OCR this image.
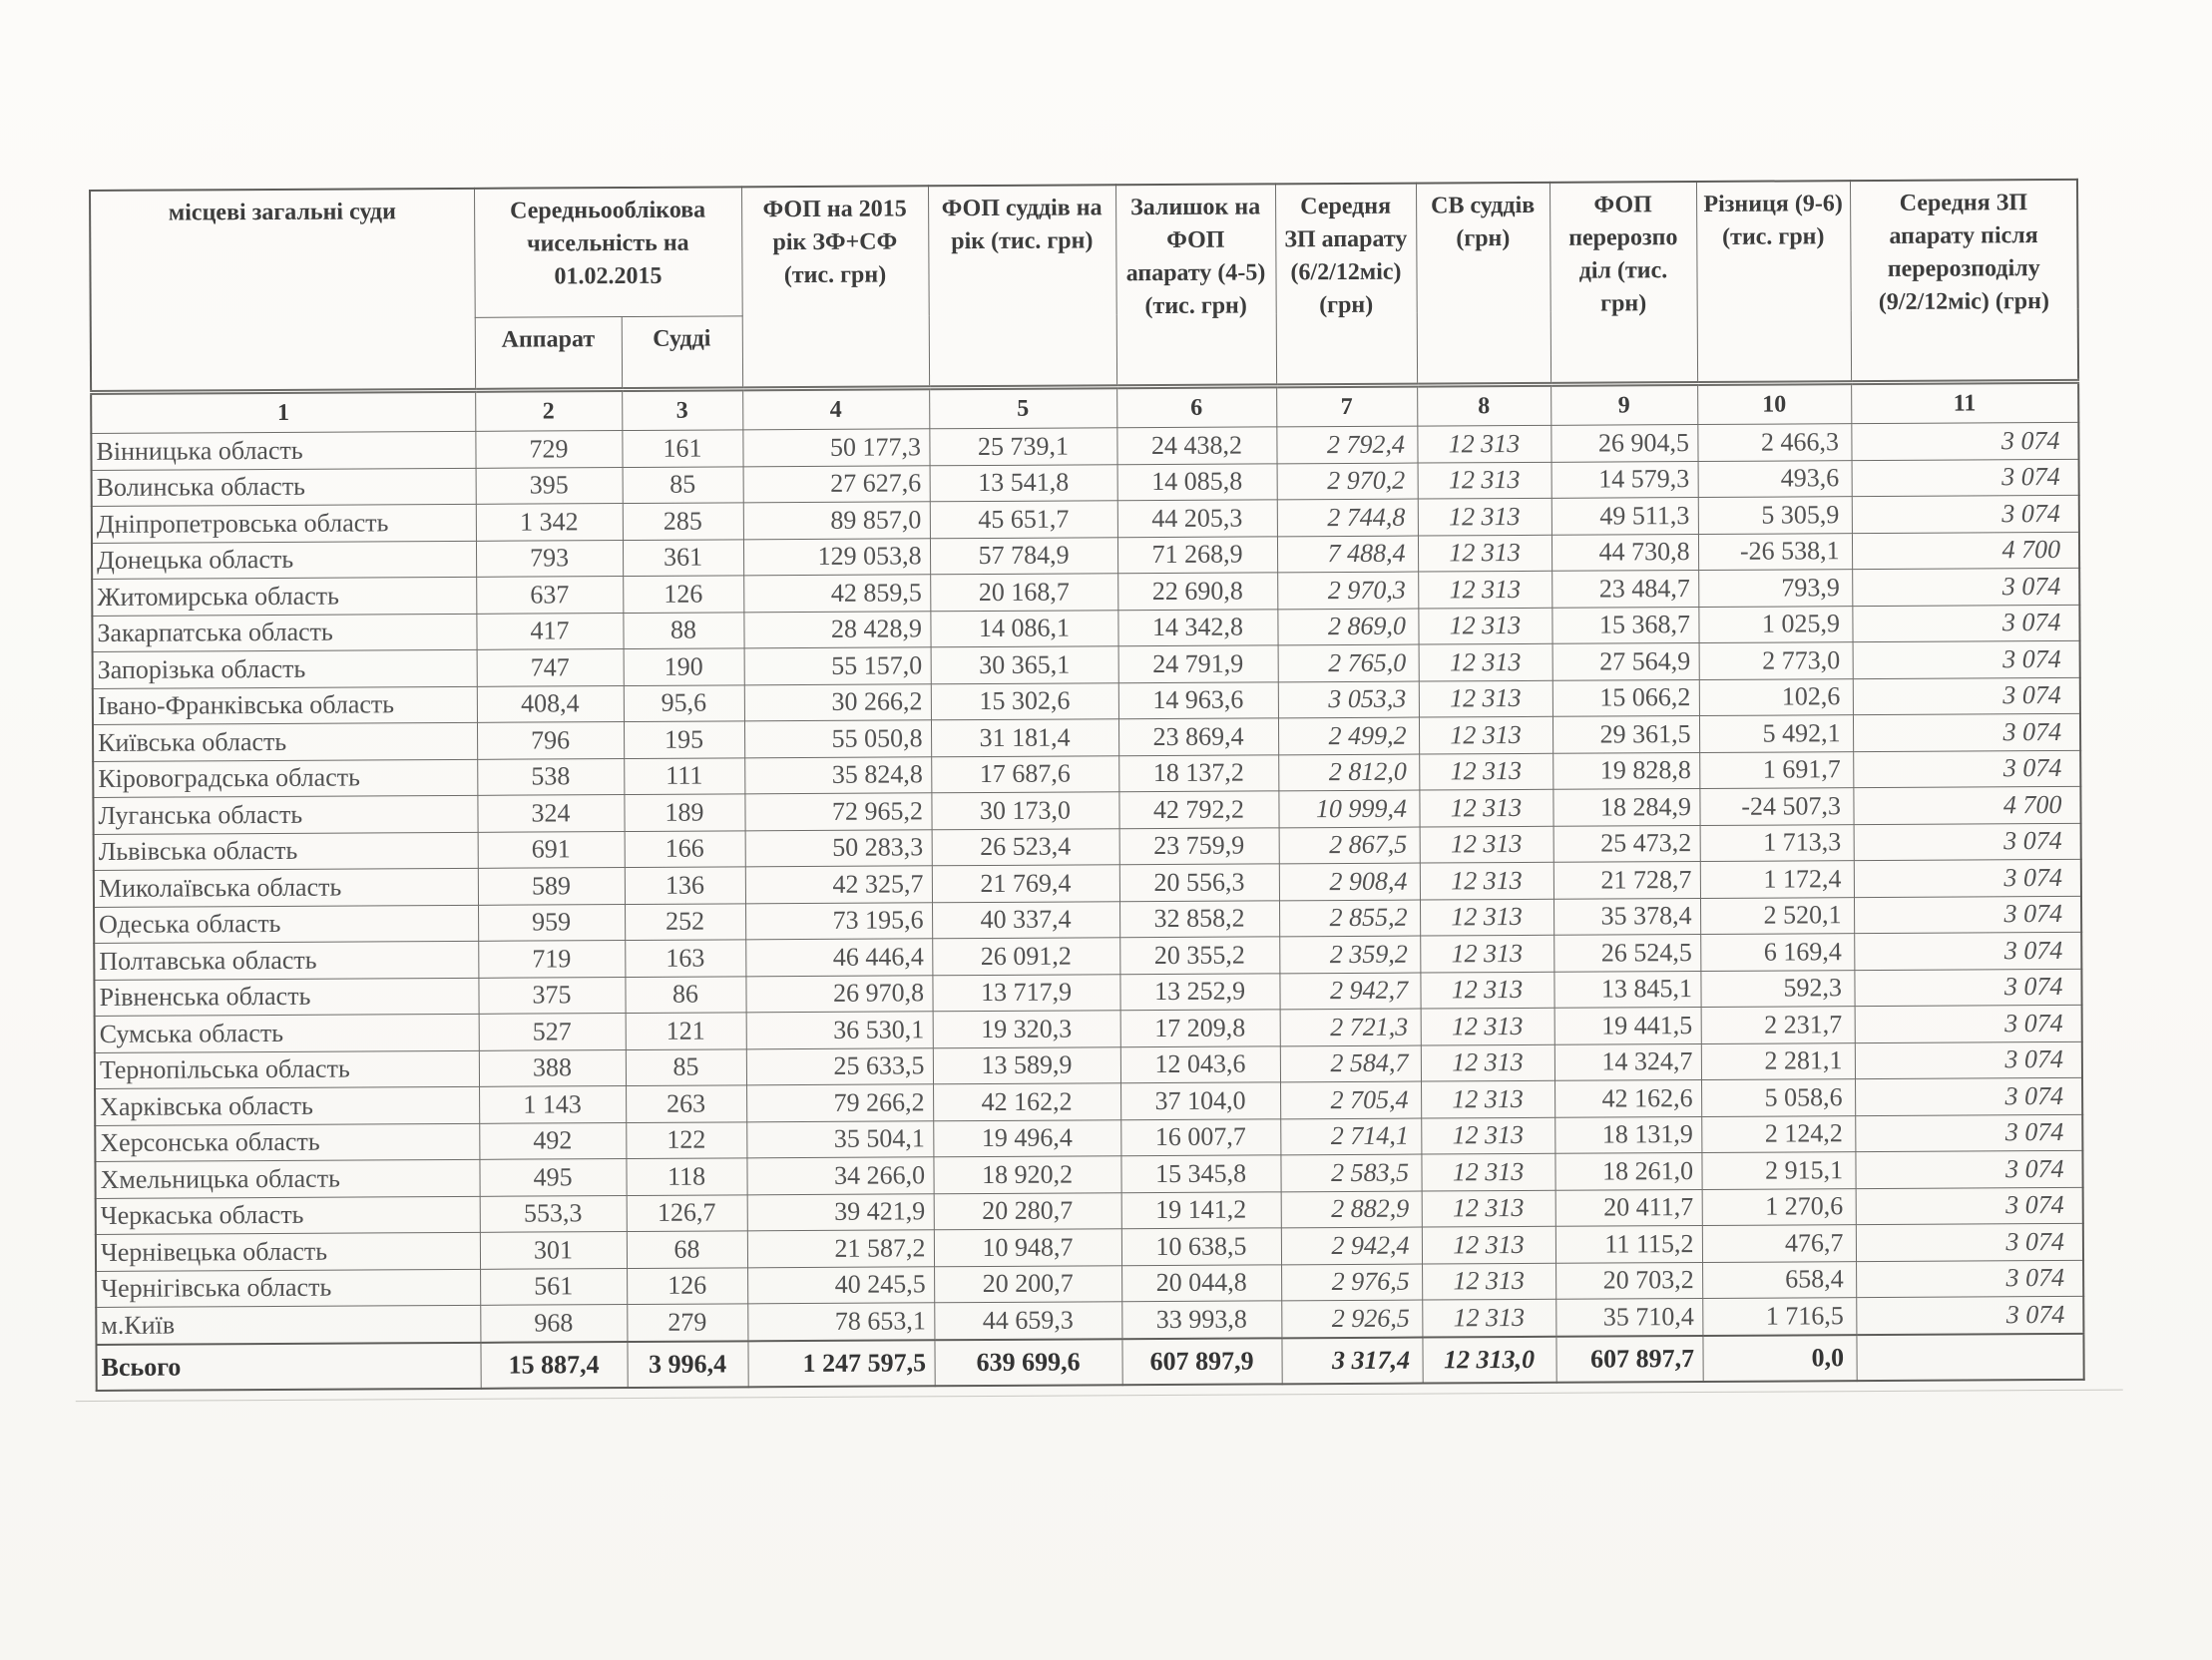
місцеві загальні суди	Середньооблікова чисельність на 01.02.2015		ФОП на 2015 рік ЗФ+СФ (тис. грн)	ФОП суддів на рік (тис. грн)	Залишок на ФОП апарату (4-5) (тис. грн)	Середня ЗП апарату (6/2/12міс) (грн)	СВ суддів (грн)	ФОП перерозпо діл (тис. грн)	Різниця (9-6) (тис. грн)	Середня ЗП апарату після перерозподілу (9/2/12міс) (грн)
	Аппарат	Судді								
1	2	3	4	5	6	7	8	9	10	11
Вінницька область	729	161	50 177,3	25 739,1	24 438,2	2 792,4	12 313	26 904,5	2 466,3	3 074
Волинська область	395	85	27 627,6	13 541,8	14 085,8	2 970,2	12 313	14 579,3	493,6	3 074
Дніпропетровська область	1 342	285	89 857,0	45 651,7	44 205,3	2 744,8	12 313	49 511,3	5 305,9	3 074
Донецька область	793	361	129 053,8	57 784,9	71 268,9	7 488,4	12 313	44 730,8	-26 538,1	4 700
Житомирська область	637	126	42 859,5	20 168,7	22 690,8	2 970,3	12 313	23 484,7	793,9	3 074
Закарпатська область	417	88	28 428,9	14 086,1	14 342,8	2 869,0	12 313	15 368,7	1 025,9	3 074
Запорізька область	747	190	55 157,0	30 365,1	24 791,9	2 765,0	12 313	27 564,9	2 773,0	3 074
Івано-Франківська область	408,4	95,6	30 266,2	15 302,6	14 963,6	3 053,3	12 313	15 066,2	102,6	3 074
Київська область	796	195	55 050,8	31 181,4	23 869,4	2 499,2	12 313	29 361,5	5 492,1	3 074
Кіровоградська область	538	111	35 824,8	17 687,6	18 137,2	2 812,0	12 313	19 828,8	1 691,7	3 074
Луганська область	324	189	72 965,2	30 173,0	42 792,2	10 999,4	12 313	18 284,9	-24 507,3	4 700
Львівська область	691	166	50 283,3	26 523,4	23 759,9	2 867,5	12 313	25 473,2	1 713,3	3 074
Миколаївська область	589	136	42 325,7	21 769,4	20 556,3	2 908,4	12 313	21 728,7	1 172,4	3 074
Одеська область	959	252	73 195,6	40 337,4	32 858,2	2 855,2	12 313	35 378,4	2 520,1	3 074
Полтавська область	719	163	46 446,4	26 091,2	20 355,2	2 359,2	12 313	26 524,5	6 169,4	3 074
Рівненська область	375	86	26 970,8	13 717,9	13 252,9	2 942,7	12 313	13 845,1	592,3	3 074
Сумська область	527	121	36 530,1	19 320,3	17 209,8	2 721,3	12 313	19 441,5	2 231,7	3 074
Тернопільська область	388	85	25 633,5	13 589,9	12 043,6	2 584,7	12 313	14 324,7	2 281,1	3 074
Харківська область	1 143	263	79 266,2	42 162,2	37 104,0	2 705,4	12 313	42 162,6	5 058,6	3 074
Херсонська область	492	122	35 504,1	19 496,4	16 007,7	2 714,1	12 313	18 131,9	2 124,2	3 074
Хмельницька область	495	118	34 266,0	18 920,2	15 345,8	2 583,5	12 313	18 261,0	2 915,1	3 074
Черкаська область	553,3	126,7	39 421,9	20 280,7	19 141,2	2 882,9	12 313	20 411,7	1 270,6	3 074
Чернівецька область	301	68	21 587,2	10 948,7	10 638,5	2 942,4	12 313	11 115,2	476,7	3 074
Чернігівська область	561	126	40 245,5	20 200,7	20 044,8	2 976,5	12 313	20 703,2	658,4	3 074
м.Київ	968	279	78 653,1	44 659,3	33 993,8	2 926,5	12 313	35 710,4	1 716,5	3 074
Всього	15 887,4	3 996,4	1 247 597,5	639 699,6	607 897,9	3 317,4	12 313,0	607 897,7	0,0	
